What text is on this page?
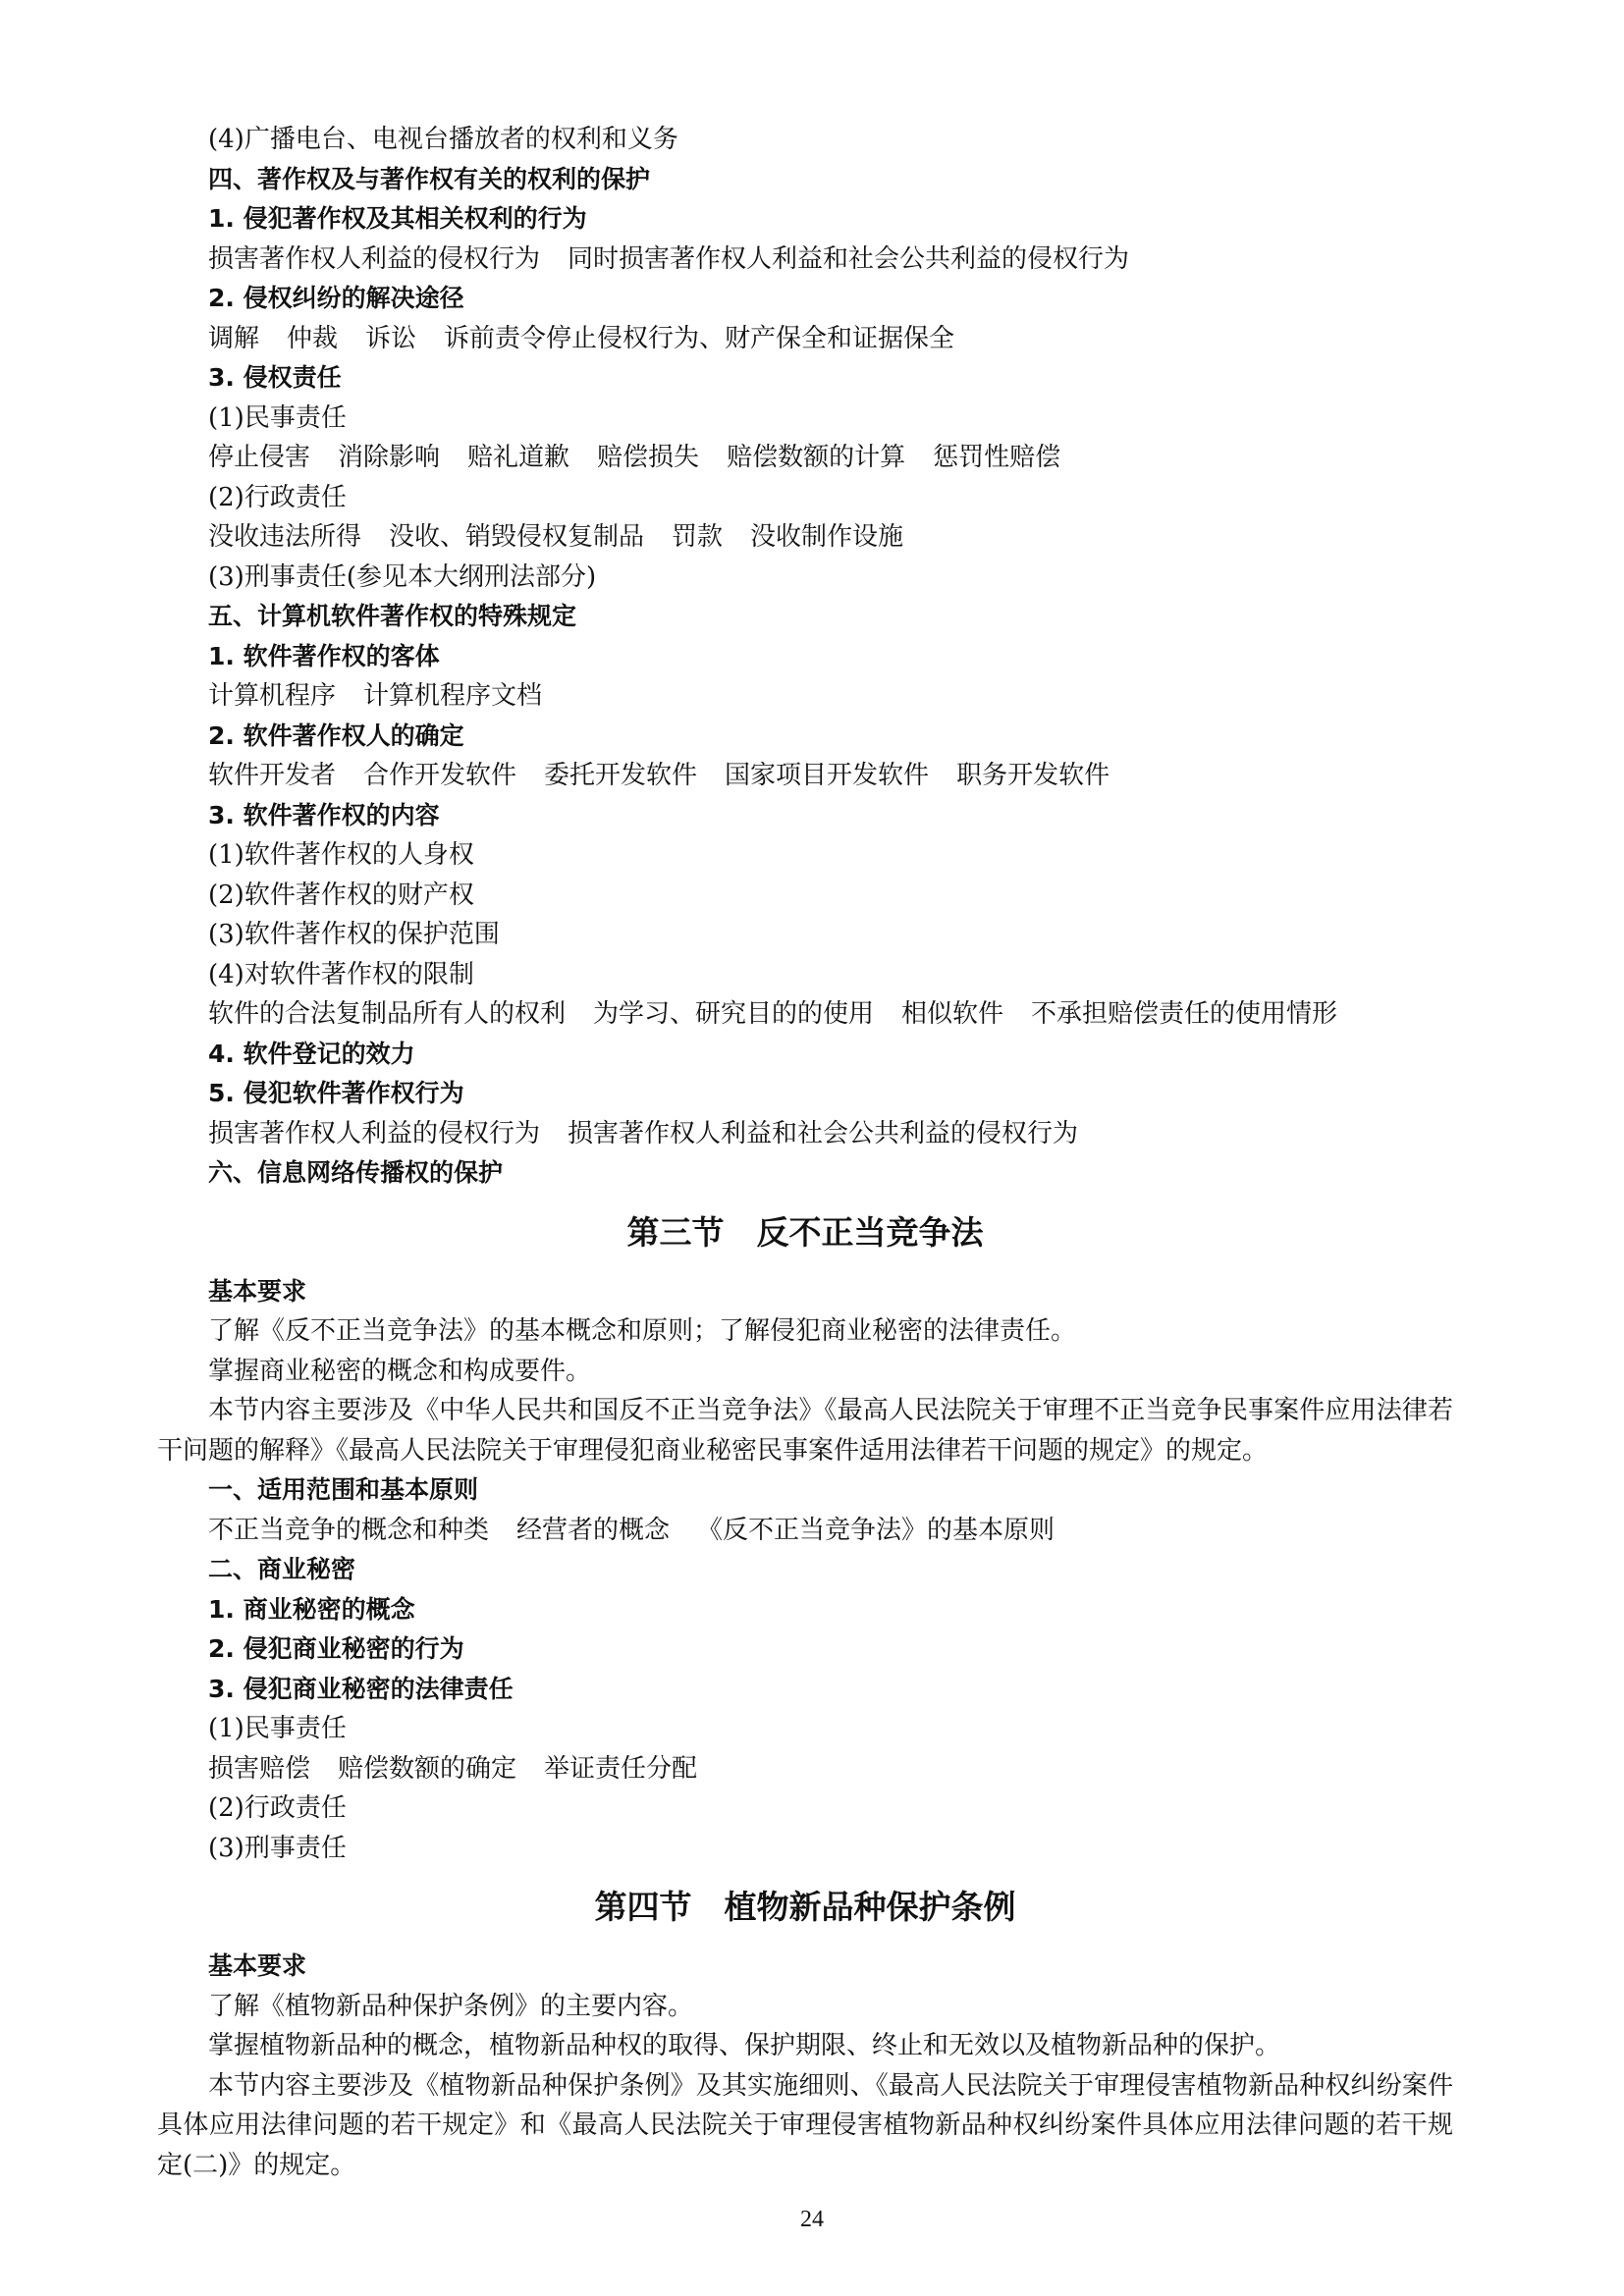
(4)广播电台、电视台播放者的权利和义务
四、著作权及与著作权有关的权利的保护
1. 侵犯著作权及其相关权利的行为
损害著作权人利益的侵权行为 同时损害著作权人利益和社会公共利益的侵权行为
2. 侵权纠纷的解决途径
调解 仲裁 诉讼 诉前责令停止侵权行为、财产保全和证据保全
3. 侵权责任
(1)民事责任
停止侵害 消除影响 赔礼道歉 赔偿损失 赔偿数额的计算 惩罚性赔偿
(2)行政责任
没收违法所得 没收、销毁侵权复制品 罚款 没收制作设施
(3)刑事责任(参见本大纲刑法部分)
五、计算机软件著作权的特殊规定
1. 软件著作权的客体
计算机程序 计算机程序文档
2. 软件著作权人的确定
软件开发者 合作开发软件 委托开发软件 国家项目开发软件 职务开发软件
3. 软件著作权的内容
(1)软件著作权的人身权
(2)软件著作权的财产权
(3)软件著作权的保护范围
(4)对软件著作权的限制
软件的合法复制品所有人的权利 为学习、研究目的的使用 相似软件 不承担赔偿责任的使用情形
4. 软件登记的效力
5. 侵犯软件著作权行为
损害著作权人利益的侵权行为 损害著作权人利益和社会公共利益的侵权行为
六、信息网络传播权的保护
第三节　反不正当竞争法
基本要求
了解《反不正当竞争法》的基本概念和原则；了解侵犯商业秘密的法律责任。
掌握商业秘密的概念和构成要件。
本节内容主要涉及《中华人民共和国反不正当竞争法》《最高人民法院关于审理不正当竞争民事案件应用法律若干问题的解释》《最高人民法院关于审理侵犯商业秘密民事案件适用法律若干问题的规定》的规定。
一、适用范围和基本原则
不正当竞争的概念和种类 经营者的概念 《反不正当竞争法》的基本原则
二、商业秘密
1. 商业秘密的概念
2. 侵犯商业秘密的行为
3. 侵犯商业秘密的法律责任
(1)民事责任
损害赔偿 赔偿数额的确定 举证责任分配
(2)行政责任
(3)刑事责任
第四节　植物新品种保护条例
基本要求
了解《植物新品种保护条例》的主要内容。
掌握植物新品种的概念，植物新品种权的取得、保护期限、终止和无效以及植物新品种的保护。
本节内容主要涉及《植物新品种保护条例》及其实施细则、《最高人民法院关于审理侵害植物新品种权纠纷案件具体应用法律问题的若干规定》和《最高人民法院关于审理侵害植物新品种权纠纷案件具体应用法律问题的若干规定(二)》的规定。
24
